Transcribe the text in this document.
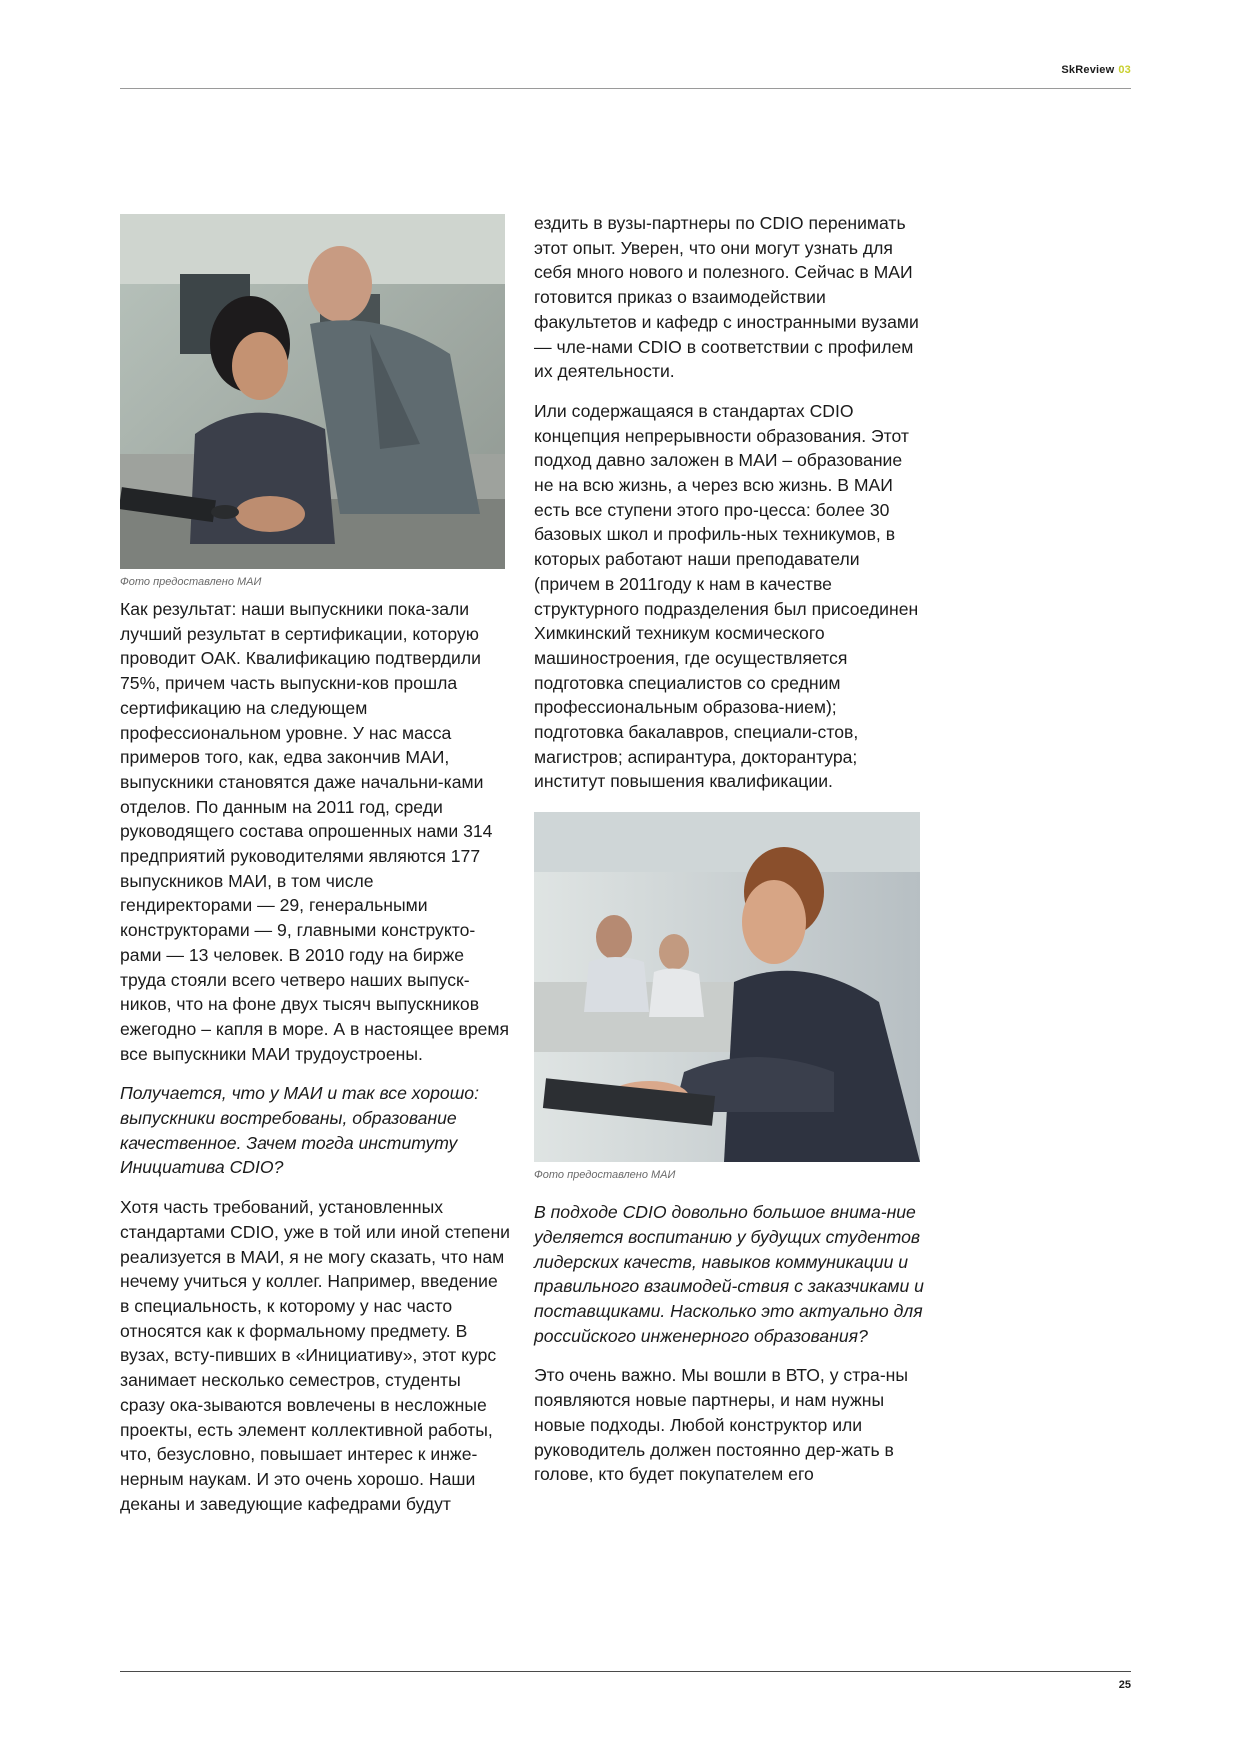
SkReview 03
Фото предоставлено МАИ

Как результат: наши выпускники пока-зали лучший результат в сертификации, которую проводит ОАК. Квалификацию подтвердили 75%, причем часть выпускни-ков прошла сертификацию на следующем профессиональном уровне. У нас масса примеров того, как, едва закончив МАИ, выпускники становятся даже начальни-ками отделов. По данным на 2011 год, среди руководящего состава опрошенных нами 314 предприятий руководителями являются 177 выпускников МАИ, в том числе гендиректорами — 29, генеральными конструкторами — 9, главными конструкто-рами — 13 человек. В 2010 году на бирже труда стояли всего четверо наших выпуск-ников, что на фоне двух тысяч выпускников ежегодно – капля в море. А в настоящее время все выпускники МАИ трудоустроены.

Получается, что у МАИ и так все хорошо: выпускники востребованы, образование качественное. Зачем тогда институту Инициатива CDIO?

Хотя часть требований, установленных стандартами CDIO, уже в той или иной степени реализуется в МАИ, я не могу сказать, что нам нечему учиться у коллег. Например, введение в специальность, к которому у нас часто относятся как к формальному предмету. В вузах, всту-пивших в «Инициативу», этот курс занимает несколько семестров, студенты сразу ока-зываются вовлечены в несложные проекты, есть элемент коллективной работы, что, безусловно, повышает интерес к инже-нерным наукам. И это очень хорошо. Наши деканы и заведующие кафедрами будут

ездить в вузы-партнеры по CDIO перенимать этот опыт. Уверен, что они могут узнать для себя много нового и полезного. Сейчас в МАИ готовится приказ о взаимодействии факультетов и кафедр с иностранными вузами — чле-нами CDIO в соответствии с профилем их деятельности.

Или содержащаяся в стандартах CDIO концепция непрерывности образования. Этот подход давно заложен в МАИ – образование не на всю жизнь, а через всю жизнь. В МАИ есть все ступени этого про-цесса: более 30 базовых школ и профиль-ных техникумов, в которых работают наши преподаватели (причем в 2011году к нам в качестве структурного подразделения был присоединен Химкинский техникум космического машиностроения, где осуществляется подготовка специалистов со средним профессиональным образова-нием); подготовка бакалавров, специали-стов, магистров; аспирантура, докторантура; институт повышения квалификации.

Фото предоставлено МАИ

В подходе CDIO довольно большое внима-ние уделяется воспитанию у будущих студентов лидерских качеств, навыков коммуникации и правильного взаимодей-ствия с заказчиками и поставщиками. Насколько это актуально для российского инженерного образования?

Это очень важно. Мы вошли в ВТО, у стра-ны появляются новые партнеры, и нам нужны новые подходы. Любой конструктор или руководитель должен постоянно дер-жать в голове, кто будет покупателем его

25
